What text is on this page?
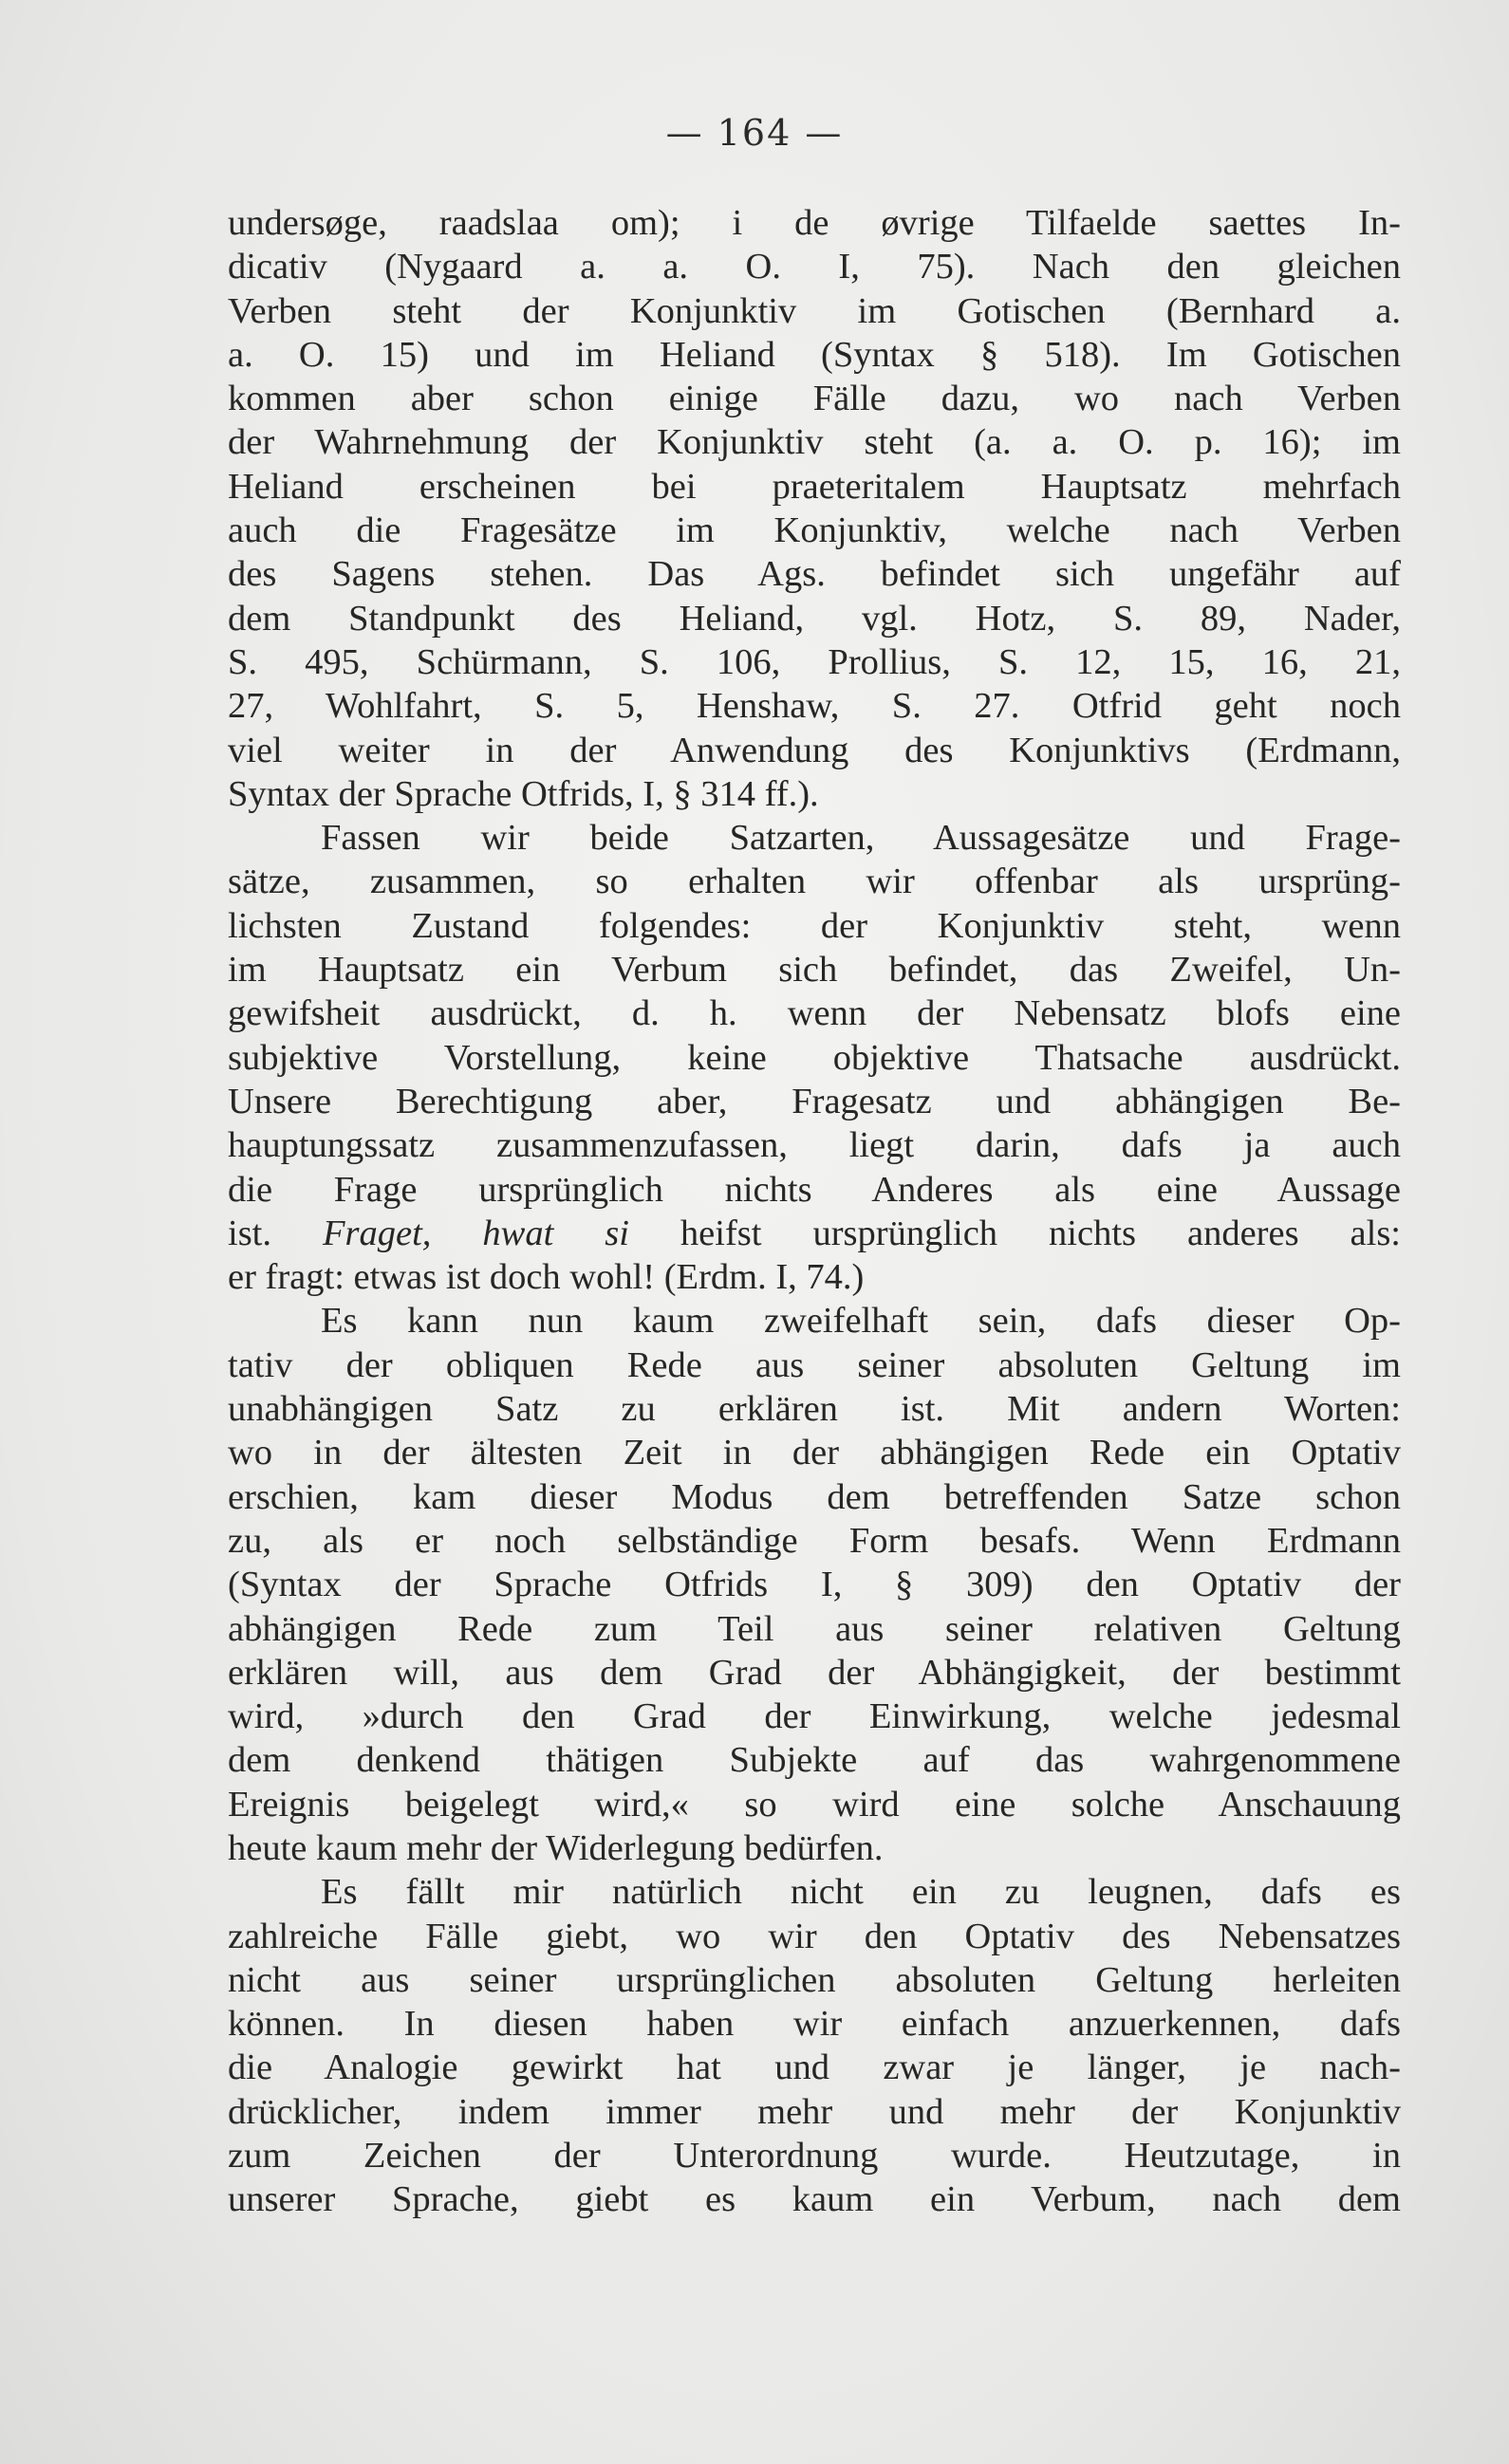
— 164 —
undersøge, raadslaa om); i de øvrige Tilfaelde saettes In-
dicativ (Nygaard a. a. O. I, 75). Nach den gleichen
Verben steht der Konjunktiv im Gotischen (Bernhard a.
a. O. 15) und im Heliand (Syntax § 518). Im Gotischen
kommen aber schon einige Fälle dazu, wo nach Verben
der Wahrnehmung der Konjunktiv steht (a. a. O. p. 16); im
Heliand erscheinen bei praeteritalem Hauptsatz mehrfach
auch die Fragesätze im Konjunktiv, welche nach Verben
des Sagens stehen. Das Ags. befindet sich ungefähr auf
dem Standpunkt des Heliand, vgl. Hotz, S. 89, Nader,
S. 495, Schürmann, S. 106, Prollius, S. 12, 15, 16, 21,
27, Wohlfahrt, S. 5, Henshaw, S. 27. Otfrid geht noch
viel weiter in der Anwendung des Konjunktivs (Erdmann,
Syntax der Sprache Otfrids, I, § 314 ff.).
Fassen wir beide Satzarten, Aussagesätze und Frage-
sätze, zusammen, so erhalten wir offenbar als ursprüng-
lichsten Zustand folgendes: der Konjunktiv steht, wenn
im Hauptsatz ein Verbum sich befindet, das Zweifel, Un-
gewifsheit ausdrückt, d. h. wenn der Nebensatz blofs eine
subjektive Vorstellung, keine objektive Thatsache ausdrückt.
Unsere Berechtigung aber, Fragesatz und abhängigen Be-
hauptungssatz zusammenzufassen, liegt darin, dafs ja auch
die Frage ursprünglich nichts Anderes als eine Aussage
ist. Fraget, hwat si heifst ursprünglich nichts anderes als:
er fragt: etwas ist doch wohl! (Erdm. I, 74.)
Es kann nun kaum zweifelhaft sein, dafs dieser Op-
tativ der obliquen Rede aus seiner absoluten Geltung im
unabhängigen Satz zu erklären ist. Mit andern Worten:
wo in der ältesten Zeit in der abhängigen Rede ein Optativ
erschien, kam dieser Modus dem betreffenden Satze schon
zu, als er noch selbständige Form besafs. Wenn Erdmann
(Syntax der Sprache Otfrids I, § 309) den Optativ der
abhängigen Rede zum Teil aus seiner relativen Geltung
erklären will, aus dem Grad der Abhängigkeit, der bestimmt
wird, »durch den Grad der Einwirkung, welche jedesmal
dem denkend thätigen Subjekte auf das wahrgenommene
Ereignis beigelegt wird,« so wird eine solche Anschauung
heute kaum mehr der Widerlegung bedürfen.
Es fällt mir natürlich nicht ein zu leugnen, dafs es
zahlreiche Fälle giebt, wo wir den Optativ des Nebensatzes
nicht aus seiner ursprünglichen absoluten Geltung herleiten
können. In diesen haben wir einfach anzuerkennen, dafs
die Analogie gewirkt hat und zwar je länger, je nach-
drücklicher, indem immer mehr und mehr der Konjunktiv
zum Zeichen der Unterordnung wurde. Heutzutage, in
unserer Sprache, giebt es kaum ein Verbum, nach dem
